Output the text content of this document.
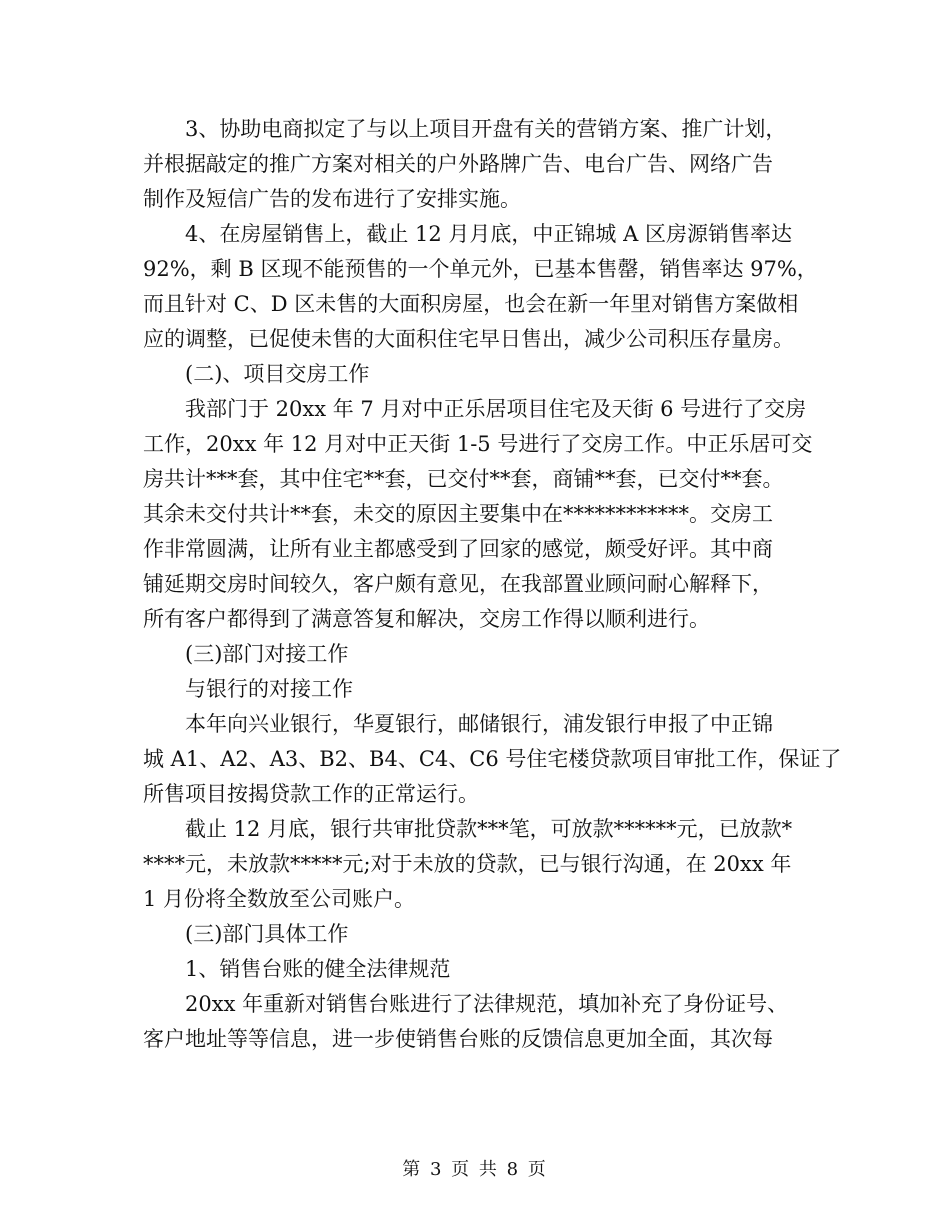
3、协助电商拟定了与以上项目开盘有关的营销方案、推广计划，
并根据敲定的推广方案对相关的户外路牌广告、电台广告、网络广告
制作及短信广告的发布进行了安排实施。
4、在房屋销售上，截止 12 月月底，中正锦城 A 区房源销售率达
92%，剩 B 区现不能预售的一个单元外，已基本售罄，销售率达 97%，
而且针对 C、D 区未售的大面积房屋，也会在新一年里对销售方案做相
应的调整，已促使未售的大面积住宅早日售出，减少公司积压存量房。
(二)、项目交房工作
我部门于 20xx 年 7 月对中正乐居项目住宅及天街 6 号进行了交房
工作，20xx 年 12 月对中正天街 1-5 号进行了交房工作。中正乐居可交
房共计***套，其中住宅**套，已交付**套，商铺**套，已交付**套。
其余未交付共计**套，未交的原因主要集中在************。交房工
作非常圆满，让所有业主都感受到了回家的感觉，颇受好评。其中商
铺延期交房时间较久，客户颇有意见，在我部置业顾问耐心解释下，
所有客户都得到了满意答复和解决，交房工作得以顺利进行。
(三)部门对接工作
与银行的对接工作
本年向兴业银行，华夏银行，邮储银行，浦发银行申报了中正锦
城 A1、A2、A3、B2、B4、C4、C6 号住宅楼贷款项目审批工作，保证了
所售项目按揭贷款工作的正常运行。
截止 12 月底，银行共审批贷款***笔，可放款******元，已放款*
****元，未放款*****元;对于未放的贷款，已与银行沟通，在 20xx 年
1 月份将全数放至公司账户。
(三)部门具体工作
1、销售台账的健全法律规范
20xx 年重新对销售台账进行了法律规范，填加补充了身份证号、
客户地址等等信息，进一步使销售台账的反馈信息更加全面，其次每
第 3 页 共 8 页
